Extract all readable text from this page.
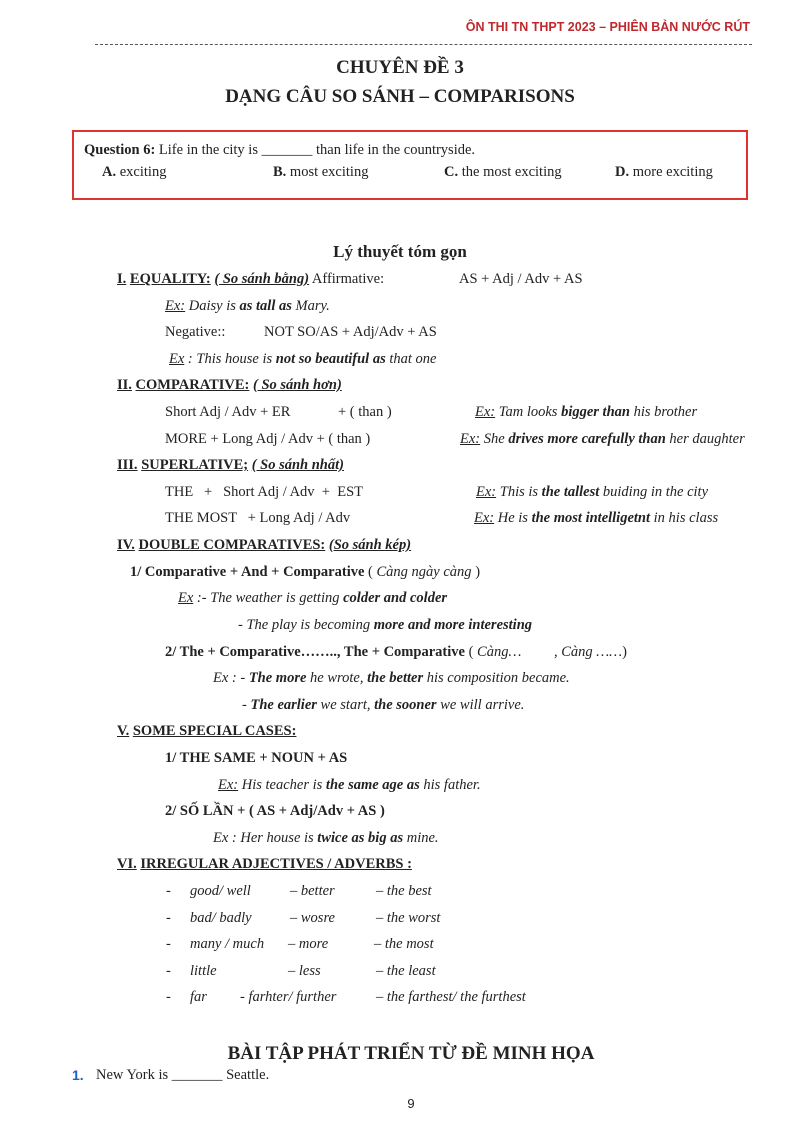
ÔN THI TN THPT 2023 – PHIÊN BẢN NƯỚC RÚT
CHUYÊN ĐỀ 3
DẠNG CÂU SO SÁNH – COMPARISONS
Question 6: Life in the city is _______ than life in the countryside.
A. exciting	B. most exciting	C. the most exciting	D. more exciting
Lý thuyết tóm gọn
I. EQUALITY: ( So sánh bằng) Affirmative:	AS + Adj / Adv + AS
Ex: Daisy is as tall as Mary.
Negative::	NOT SO/AS + Adj/Adv + AS
Ex : This house is not so beautiful as that one
II. COMPARATIVE: ( So sánh hơn)
Short Adj / Adv + ER	+ ( than )	Ex: Tam looks bigger than his brother
MORE + Long Adj / Adv + ( than )	Ex: She drives more carefully than her daughter
III. SUPERLATIVE; ( So sánh nhất)
THE   +   Short Adj / Adv  +  EST	Ex: This is the tallest buiding in the city
THE MOST   + Long Adj / Adv	Ex: He is the most intelligetnt in his class
IV. DOUBLE COMPARATIVES: (So sánh kép)
1/ Comparative + And + Comparative ( Càng ngày càng )
Ex :- The weather is getting colder and colder
- The play is becoming more and more interesting
2/ The + Comparative…….., The + Comparative ( Càng…         , Càng ……)
Ex : - The more he wrote, the better his composition became.
- The earlier we start, the sooner we will arrive.
V. SOME SPECIAL CASES:
1/ THE SAME + NOUN + AS
Ex: His teacher is the same age as his father.
2/ SỐ LẦN + ( AS + Adj/Adv + AS )
Ex : Her house is twice as big as mine.
VI. IRREGULAR ADJECTIVES / ADVERBS :
- good/ well	– better	– the best
- bad/ badly	– wosre	– the worst
- many / much – more	– the most
- little	– less	– the least
- far - farhter/ further	– the farthest/ the furthest
BÀI TẬP PHÁT TRIỂN TỪ ĐỀ MINH HỌA
1. New York is _______ Seattle.
9
